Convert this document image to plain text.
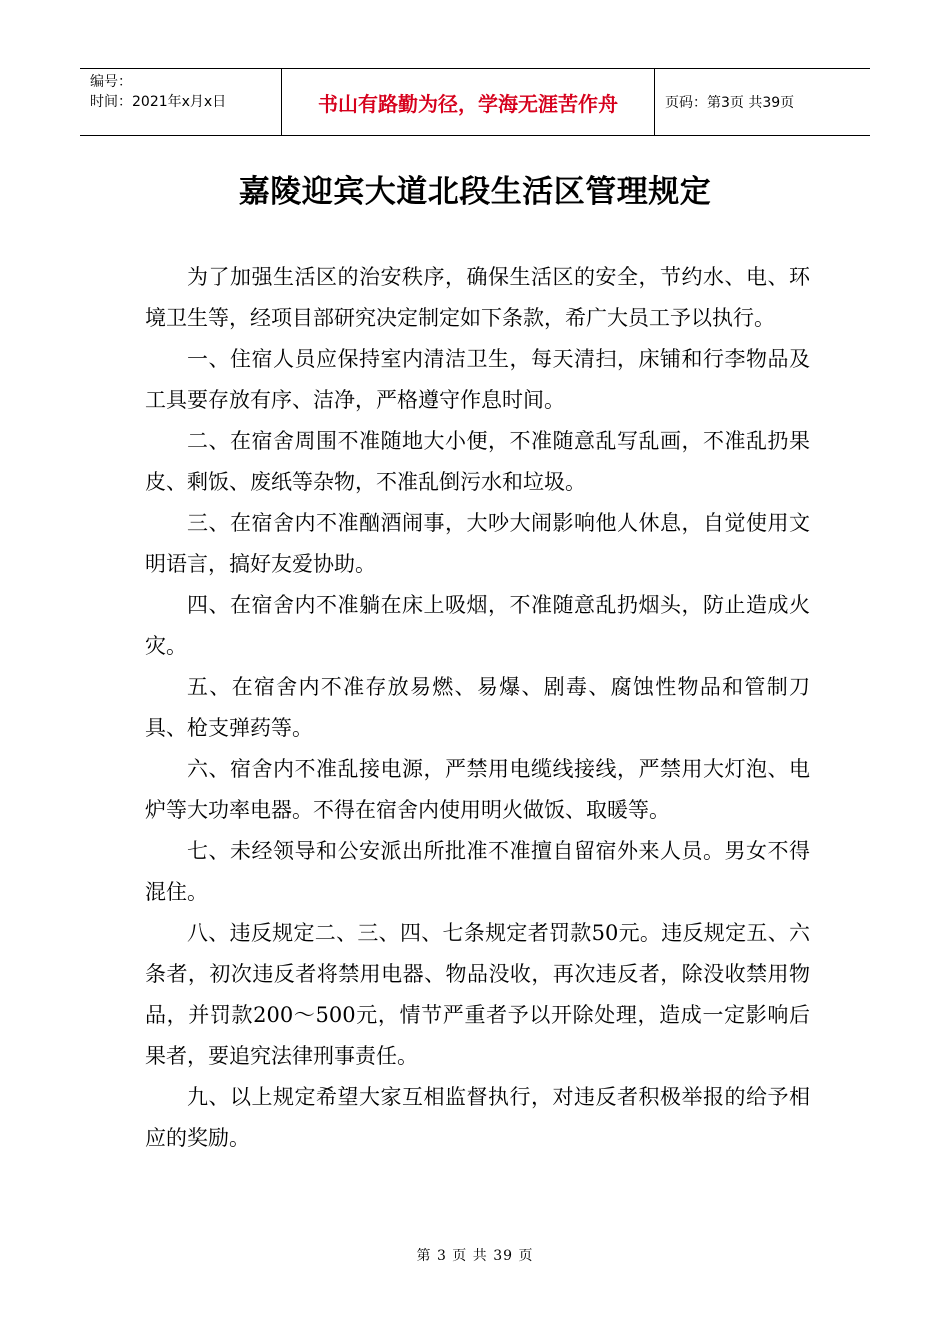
编号：
时间：2021年x月x日	书山有路勤为径，学海无涯苦作舟	页码：第3页 共39页
嘉陵迎宾大道北段生活区管理规定

为了加强生活区的治安秩序，确保生活区的安全，节约水、电、环境卫生等，经项目部研究决定制定如下条款，希广大员工予以执行。

一、住宿人员应保持室内清洁卫生，每天清扫，床铺和行李物品及工具要存放有序、洁净，严格遵守作息时间。

二、在宿舍周围不准随地大小便，不准随意乱写乱画，不准乱扔果皮、剩饭、废纸等杂物，不准乱倒污水和垃圾。

三、在宿舍内不准酗酒闹事，大吵大闹影响他人休息，自觉使用文明语言，搞好友爱协助。

四、在宿舍内不准躺在床上吸烟，不准随意乱扔烟头，防止造成火灾。

五、在宿舍内不准存放易燃、易爆、剧毒、腐蚀性物品和管制刀具、枪支弹药等。

六、宿舍内不准乱接电源，严禁用电缆线接线，严禁用大灯泡、电炉等大功率电器。不得在宿舍内使用明火做饭、取暖等。

七、未经领导和公安派出所批准不准擅自留宿外来人员。男女不得混住。

八、违反规定二、三、四、七条规定者罚款50元。违反规定五、六条者，初次违反者将禁用电器、物品没收，再次违反者，除没收禁用物品，并罚款200～500元，情节严重者予以开除处理，造成一定影响后果者，要追究法律刑事责任。

九、以上规定希望大家互相监督执行，对违反者积极举报的给予相应的奖励。

第 3 页 共 39 页
